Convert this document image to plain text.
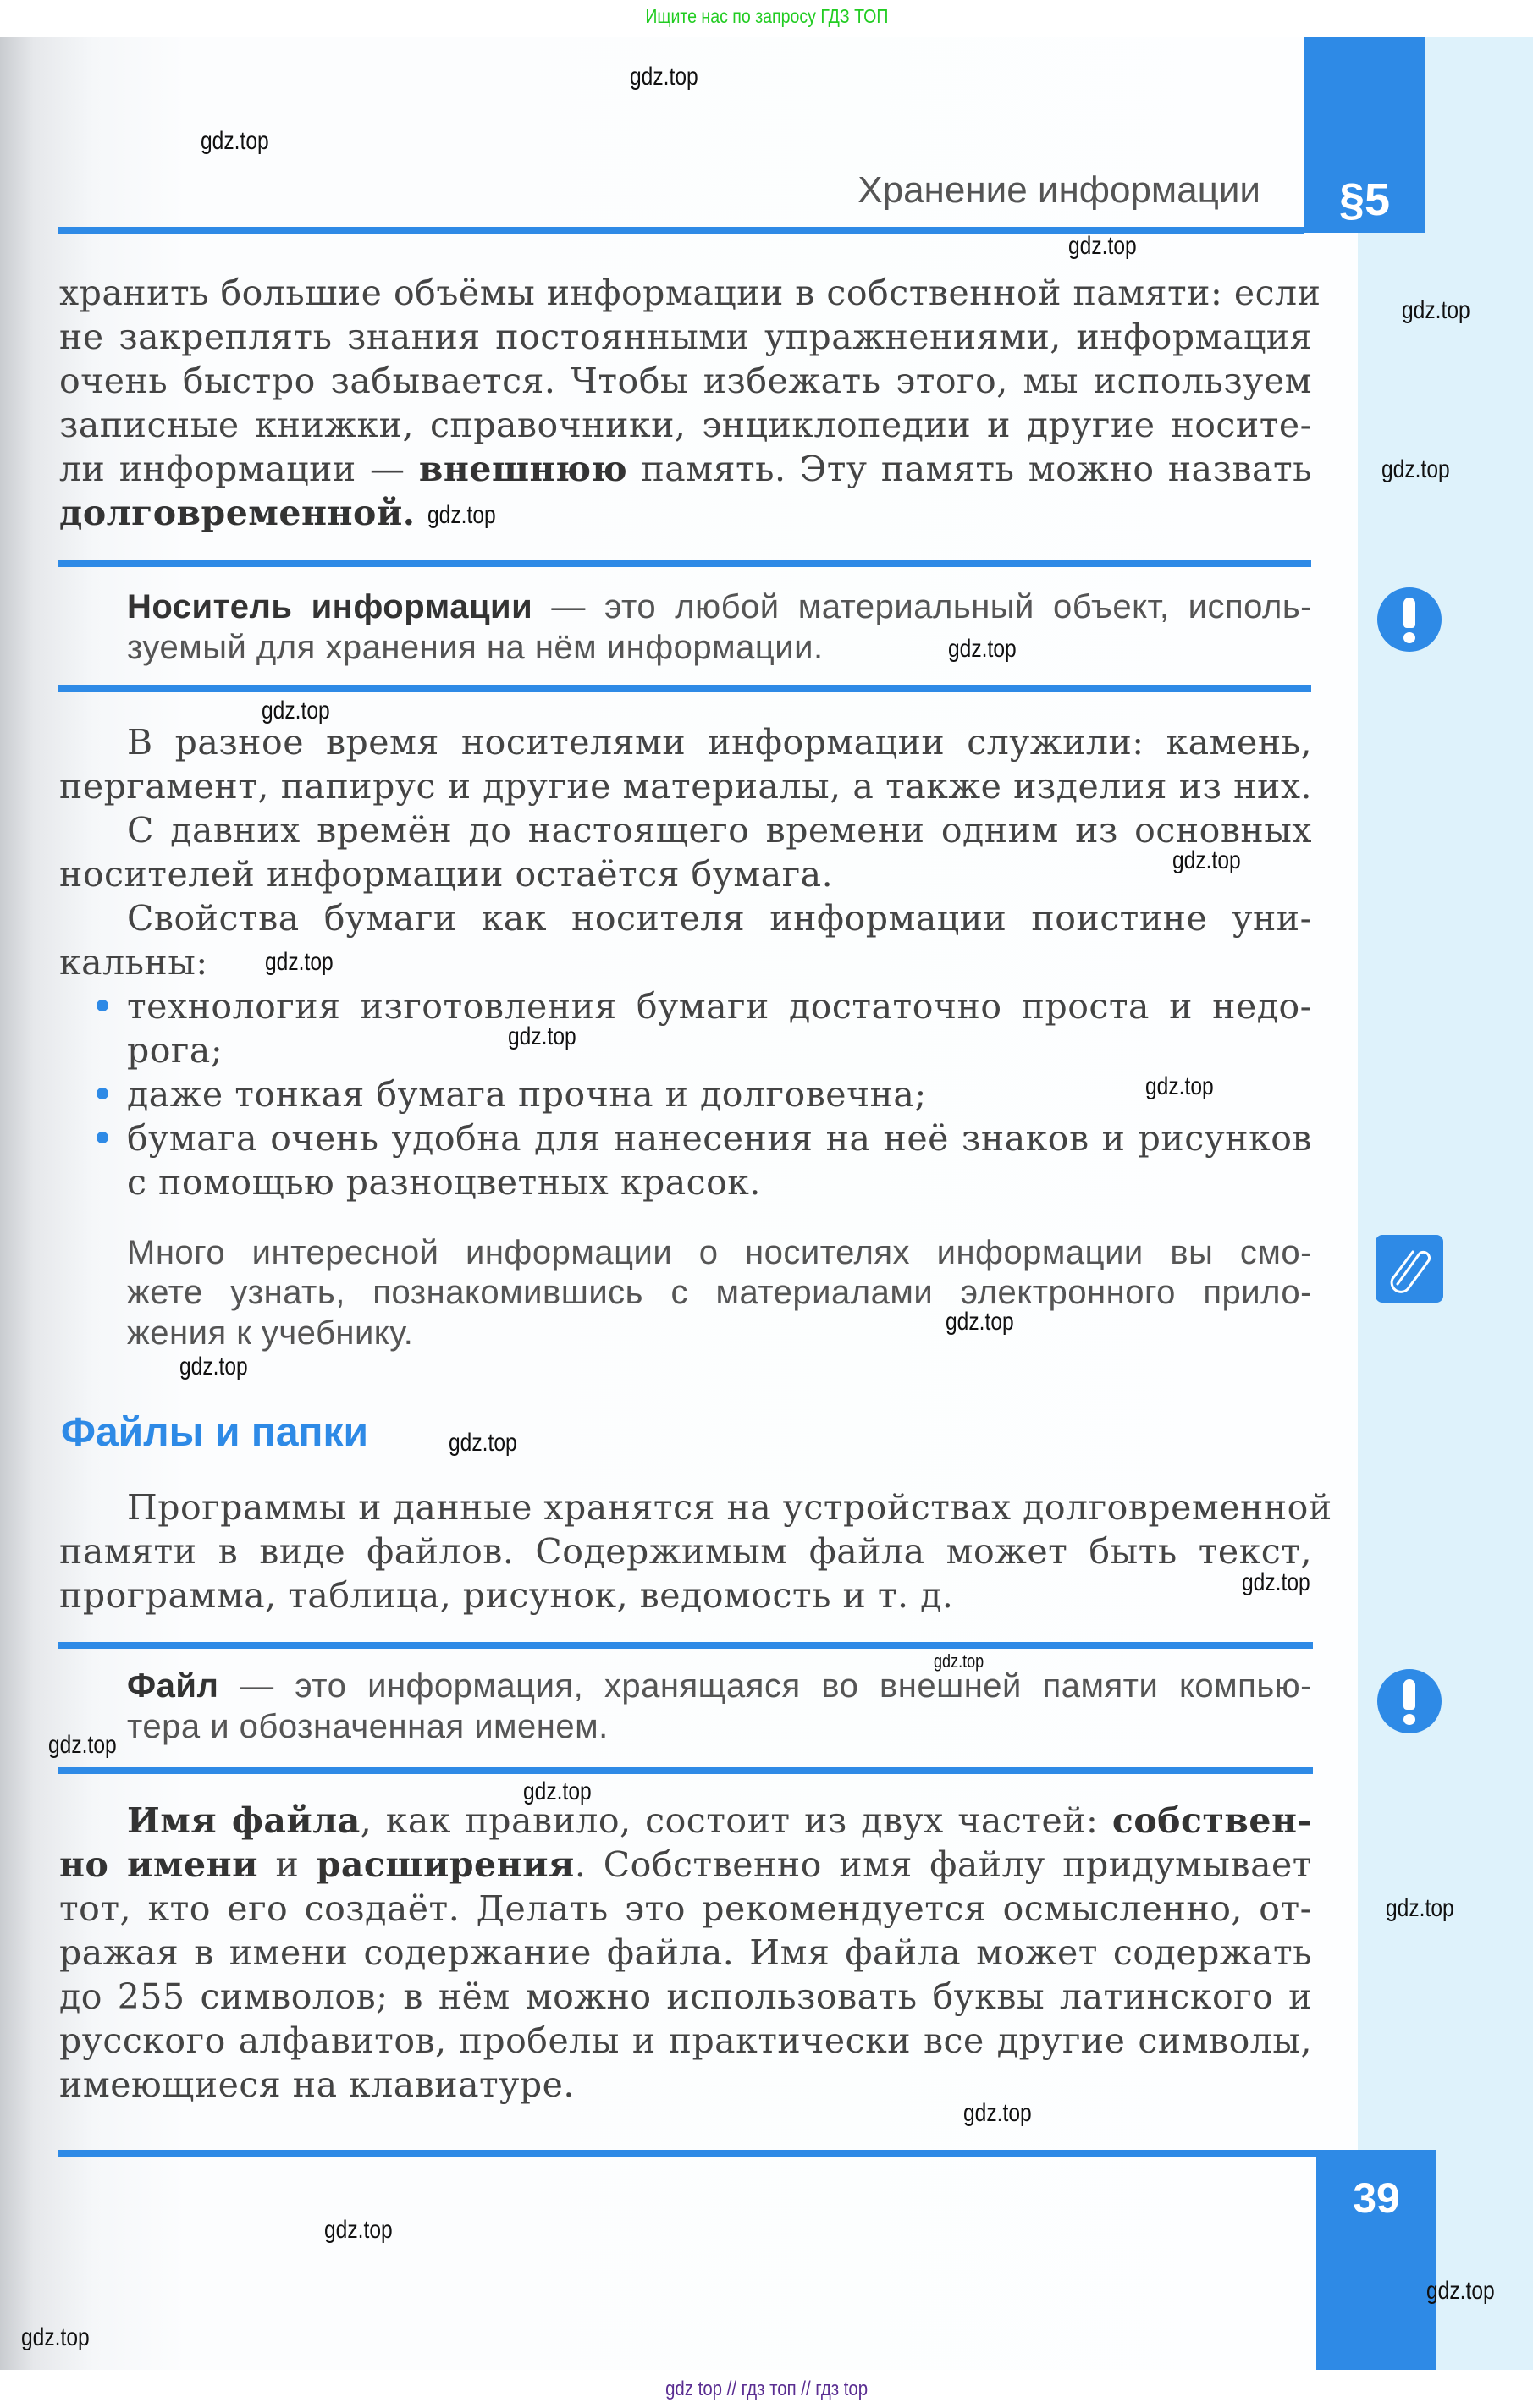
Ищите нас по запросу ГДЗ ТОП
§5
Хранение информации
хранить большие объёмы информации в собственной памяти: если
не закреплять знания постоянными упражнениями, информация
очень быстро забывается. Чтобы избежать этого, мы используем
записные книжки, справочники, энциклопедии и другие носите-
ли информации — внешнюю память. Эту память можно назвать
долговременной.
Носитель информации — это любой материальный объект, исполь-
зуемый для хранения на нём информации.
В разное время носителями информации служили: камень,
пергамент, папирус и другие материалы, а также изделия из них.
С давних времён до настоящего времени одним из основных
носителей информации остаётся бумага.
Свойства бумаги как носителя информации поистине уни-
кальны:
технология изготовления бумаги достаточно проста и недо-
рога;
даже тонкая бумага прочна и долговечна;
бумага очень удобна для нанесения на неё знаков и рисунков
с помощью разноцветных красок.
Много интересной информации о носителях информации вы смо-
жете узнать, познакомившись с материалами электронного прило-
жения к учебнику.
Файлы и папки
Программы и данные хранятся на устройствах долговременной
памяти в виде файлов. Содержимым файла может быть текст,
программа, таблица, рисунок, ведомость и т. д.
Файл — это информация, хранящаяся во внешней памяти компью-
тера и обозначенная именем.
Имя файла, как правило, состоит из двух частей: собствен-
но имени и расширения. Собственно имя файлу придумывает
тот, кто его создаёт. Делать это рекомендуется осмысленно, от-
ражая в имени содержание файла. Имя файла может содержать
до 255 символов; в нём можно использовать буквы латинского и
русского алфавитов, пробелы и практически все другие символы,
имеющиеся на клавиатуре.
39
gdz.top
gdz.top
gdz.top
gdz.top
gdz.top
gdz.top
gdz.top
gdz.top
gdz.top
gdz.top
gdz.top
gdz.top
gdz.top
gdz.top
gdz.top
gdz.top
gdz.top
gdz.top
gdz.top
gdz.top
gdz.top
gdz.top
gdz.top
gdz.top
gdz top // гдз топ // гдз top
